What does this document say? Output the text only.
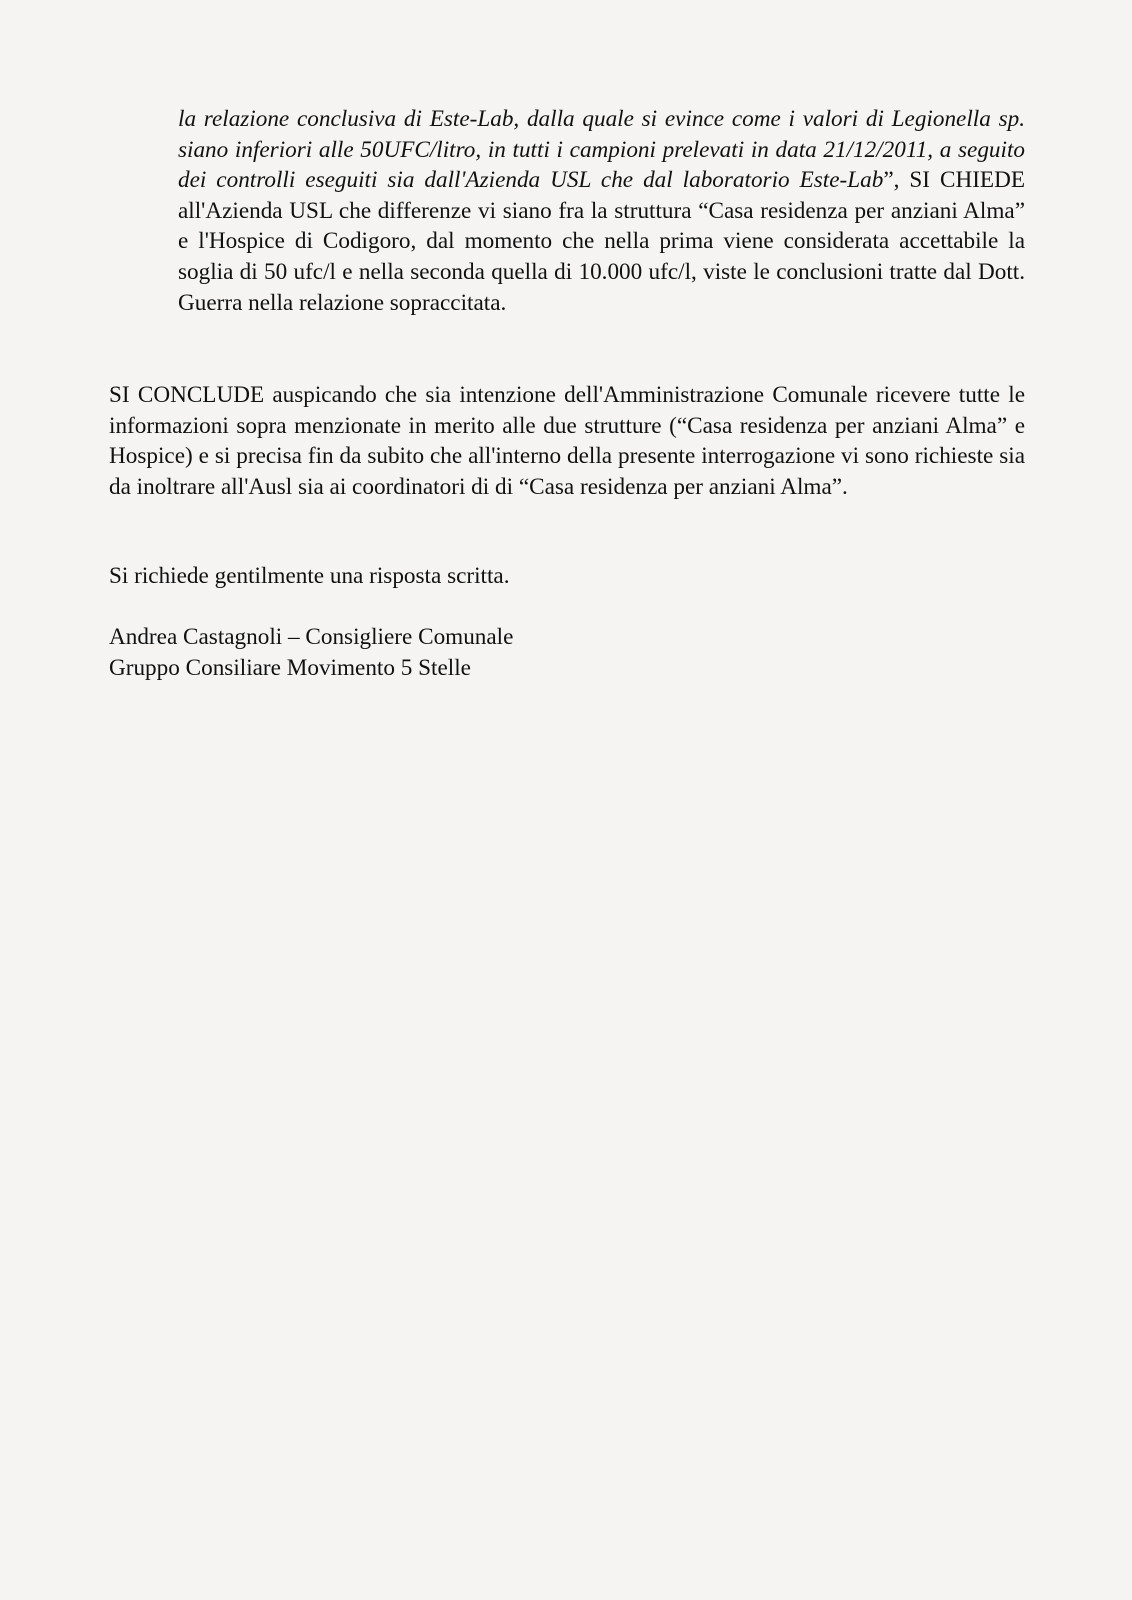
la relazione conclusiva di Este-Lab, dalla quale si evince come i valori di Legionella sp. siano inferiori alle 50UFC/litro, in tutti i campioni prelevati in data 21/12/2011, a seguito dei controlli eseguiti sia dall'Azienda USL che dal laboratorio Este-Lab”, SI CHIEDE all'Azienda USL che differenze vi siano fra la struttura “Casa residenza per anziani Alma” e l'Hospice di Codigoro, dal momento che nella prima viene considerata accettabile la soglia di 50 ufc/l e nella seconda quella di 10.000 ufc/l, viste le conclusioni tratte dal Dott. Guerra nella relazione sopraccitata.
SI CONCLUDE auspicando che sia intenzione dell'Amministrazione Comunale ricevere tutte le informazioni sopra menzionate in merito alle due strutture (“Casa residenza per anziani Alma” e Hospice) e si precisa fin da subito che all'interno della presente interrogazione vi sono richieste sia da inoltrare all'Ausl sia ai coordinatori di di “Casa residenza per anziani Alma”.
Si richiede gentilmente una risposta scritta.
Andrea Castagnoli – Consigliere Comunale
Gruppo Consiliare Movimento 5 Stelle
